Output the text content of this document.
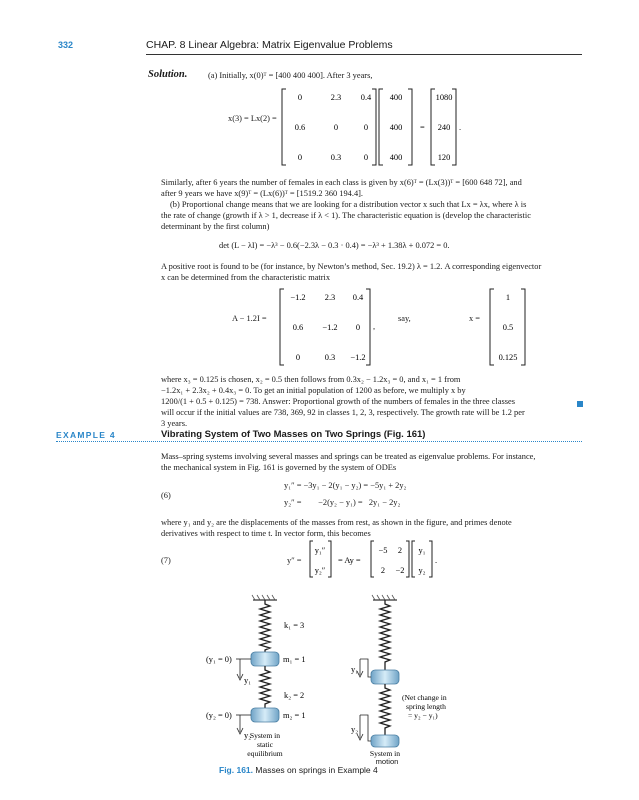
332	CHAP. 8 Linear Algebra: Matrix Eigenvalue Problems
Solution. (a) Initially, x(0)ᵀ = [400 400 400]. After 3 years,
x(3) = Lx(2) =
0	2.3 0.4
0.6	0	0
0	0.3	0
400
400
400
=
1080
240
120
.
Similarly, after 6 years the number of females in each class is given by x(6)ᵀ = (Lx(3))ᵀ = [600 648 72], and
after 9 years we have x(9)ᵀ = (Lx(6))ᵀ = [1519.2 360 194.4].
(b) Proportional change means that we are looking for a distribution vector x such that Lx = λx, where λ is
the rate of change (growth if λ > 1, decrease if λ < 1). The characteristic equation is (develop the characteristic
determinant by the first column)
det (L − λI) = −λ³ − 0.6(−2.3λ − 0.3 · 0.4) = −λ³ + 1.38λ + 0.072 = 0.
A positive root is found to be (for instance, by Newton’s method, Sec. 19.2) λ = 1.2. A corresponding eigenvector
x can be determined from the characteristic matrix
A − 1.2I =
−1.2 2.3 0.4
0.6 −1.2 0
0	0.3 −1.2
,
say,	x =
1
0.5
0.125
where x₃ = 0.125 is chosen, x₂ = 0.5 then follows from 0.3x₂ − 1.2x₃ = 0, and x₁ = 1 from
−1.2x₁ + 2.3x₂ + 0.4x₃ = 0. To get an initial population of 1200 as before, we multiply x by
1200/(1 + 0.5 + 0.125) = 738. Answer: Proportional growth of the numbers of females in the three classes
will occur if the initial values are 738, 369, 92 in classes 1, 2, 3, respectively. The growth rate will be 1.2 per
3 years.
EXAMPLE 4	Vibrating System of Two Masses on Two Springs (Fig. 161)
Mass–spring systems involving several masses and springs can be treated as eigenvalue problems. For instance,
the mechanical system in Fig. 161 is governed by the system of ODEs
(6)
y₁″ = −3y₁ − 2(y₁ − y₂) = −5y₁ + 2y₂
y₂″ =        −2(y₂ − y₁) =   2y₁ − 2y₂
where y₁ and y₂ are the displacements of the masses from rest, as shown in the figure, and primes denote
derivatives with respect to time t. In vector form, this becomes
(7)	y″ =
y₁″
y₂″
= Ay =
−5 2
2 −2
y₁
y₂
.
k₁ = 3
m₁ = 1
k₂ = 2
m₂ = 1
(y₁ = 0)
(y₂ = 0)
y₁
y₂
y₁
y₂
(Net change in
spring length
= y₂ − y₁)
System in
static
equilibrium	System in
motion
Fig. 161. Masses on springs in Example 4
